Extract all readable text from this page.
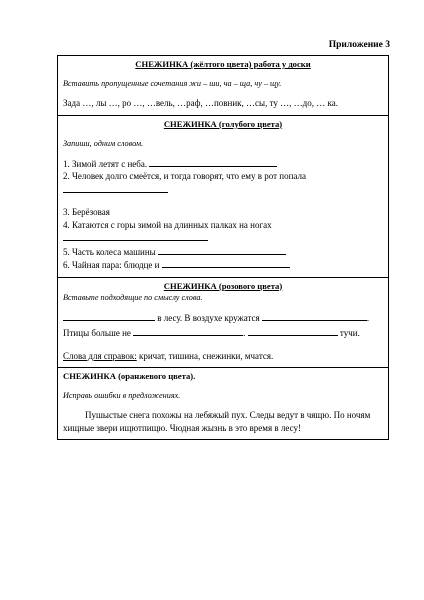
Приложение 3
СНЕЖИНКА (жёлтого цвета) работа у доски
Вставить пропущенные сочетания жи – ши, ча – ща, чу – щу.
Зада …, лы …, ро …, …вель, …раф, …повник, …сы, ту …, …до, … ка.
СНЕЖИНКА (голубого цвета)
Запиши, одним словом.
1. Зимой летят с неба.
2. Человек долго смеётся, и тогда говорят, что ему в рот попала
3. Берёзовая
4. Катаются с горы зимой на длинных палках на ногах
5. Часть колеса машины
6. Чайная пара: блюдце и
СНЕЖИНКА (розового цвета)
Вставьте подходящие по смыслу слова.
в лесу. В воздухе кружатся	.
Птицы больше не	.	тучи.
Слова для справок: кричат, тишина, снежинки, мчатся.
СНЕЖИНКА (оранжевого цвета).
Исправь ошибки в предложениях.

Пушыстые снега похожы на лебяжый пух. Следы ведут в чящю. По ночям хищные звери ищютпищю. Чюдная жызнь в это время в лесу!
